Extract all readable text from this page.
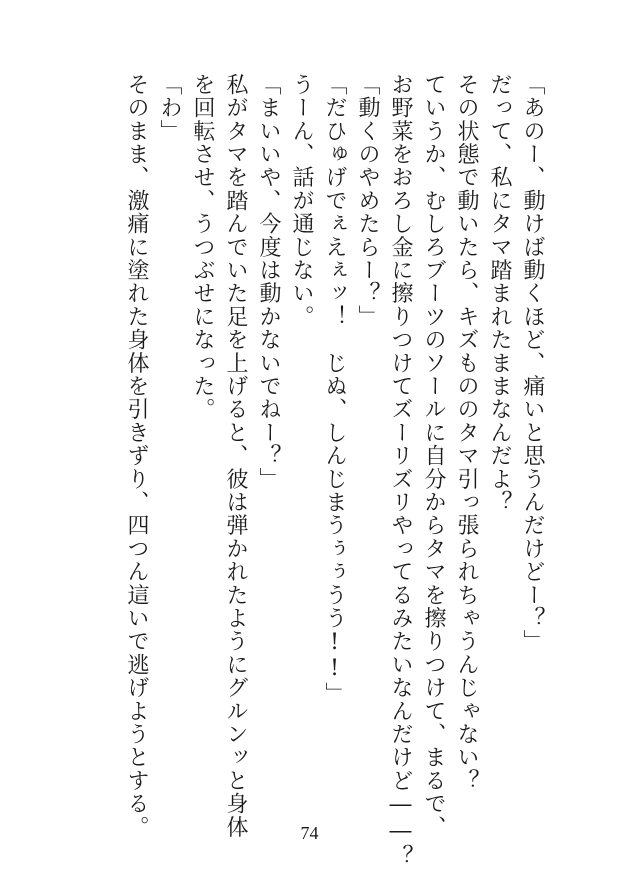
「あのー、動けば動くほど、痛いと思うんだけどー？」
だって、私にタマ踏まれたままなんだよ？
その状態で動いたら、キズもののタマ引っ張られちゃうんじゃない？
ていうか、むしろブーツのソールに自分からタマを擦りつけて、まるで、
お野菜をおろし金に擦りつけてズーリズリやってるみたいなんだけど――？
「動くのやめたらー？」
「だひゅげでぇえぇッ！　じぬ、しんじまうぅぅうう!!」
うーん、話が通じない。
「まいいや、今度は動かないでねー？」
私がタマを踏んでいた足を上げると、彼は弾かれたようにグルンッと身体
を回転させ、うつぶせになった。
「わ」
そのまま、激痛に塗れた身体を引きずり、四つん這いで逃げようとする。	74
